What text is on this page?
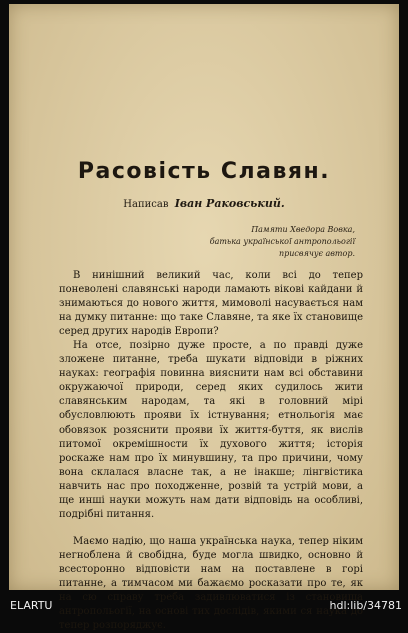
Расовість Славян.
Написав Іван Раковський.
Памяти Хведора Вовка,
батька української антропольогії
присвячує автор.

В нинішний великий час, коли всі до тепер поневолені славянські народи ламають вікові кайдани й знимаються до нового життя, мимоволі насувається нам на думку питанне: що таке Славяне, та яке їх становище серед других народів Европи?

На отсе, позірно дуже просте, а по правді дуже зложене питанне, треба шукати відповіди в ріжних науках: географія повинна вияснити нам всі обставини окружаючої природи, серед яких судилось жити славянським народам, та які в головний мірі обусловлюють прояви їх істнування; етнольогія має обовязок розяснити прояви їх життя-буття, як вислів питомої окремішности їх духового життя; історія роскаже нам про їх минувшину, та про причини, чому вона склалася власне так, а не інакше; лінгвістика навчить нас про походженне, розвій та устрій мови, а ще инші науки можуть нам дати відповідь на особливі, подрібні питання.

Маємо надію, що наша українська наука, тепер ніким негноблена й свобідна, буде могла швидко, основно й всесторонно відповісти нам на поставлене в горі питанне, а тимчасом ми бажаємо росказати про те, як на сю справу треба задивлюватися із становища антропольогії, на основі тих дослідів, якими ся наука до тепер розпоряджує.

ELARTU	hdl:lib/34781
